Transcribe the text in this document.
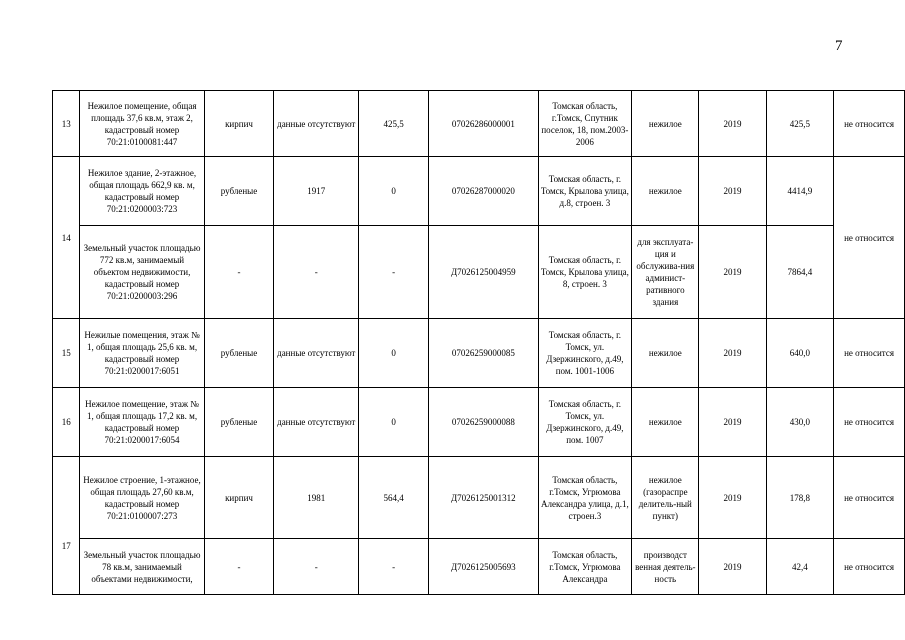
7
13	Нежилое помещение, общая площадь 37,6 кв.м, этаж 2, кадастровый номер 70:21:0100081:447	кирпич	данные отсутствуют	425,5	07026286000001	Томская область, г.Томск, Спутник поселок, 18, пом.2003-2006	нежилое	2019	425,5	не относится
14	Нежилое здание, 2-этажное, общая площадь 662,9 кв. м, кадастровый номер 70:21:0200003:723	рубленые	1917	0	07026287000020	Томская область, г. Томск, Крылова улица, д.8, строен. 3	нежилое	2019	4414,9	не относится
	Земельный участок площадью 772 кв.м, занимаемый объектом недвижимости, кадастровый номер 70:21:0200003:296	-	-	-	Д7026125004959	Томская область, г. Томск, Крылова улица, 8, строен. 3	для эксплуата-ция и обслужива-ния админист-ративного здания	2019	7864,4	
15	Нежилые помещения, этаж № 1, общая площадь 25,6 кв. м, кадастровый номер 70:21:0200017:6051	рубленые	данные отсутствуют	0	07026259000085	Томская область, г. Томск, ул. Дзержинского, д.49, пом. 1001-1006	нежилое	2019	640,0	не относится
16	Нежилое помещение, этаж № 1, общая площадь 17,2 кв. м, кадастровый номер 70:21:0200017:6054	рубленые	данные отсутствуют	0	07026259000088	Томская область, г. Томск, ул. Дзержинского, д.49, пом. 1007	нежилое	2019	430,0	не относится
17	Нежилое строение, 1-этажное, общая площадь 27,60 кв.м, кадастровый номер 70:21:0100007:273	кирпич	1981	564,4	Д7026125001312	Томская область, г.Томск, Угрюмова Александра улица, д.1, строен.3	нежилое (газораспре делитель-ный пункт)	2019	178,8	не относится
	Земельный участок площадью 78 кв.м, занимаемый объектами недвижимости,	-	-	-	Д7026125005693	Томская область, г.Томск, Угрюмова Александра	производст венная деятель-ность	2019	42,4	не относится
